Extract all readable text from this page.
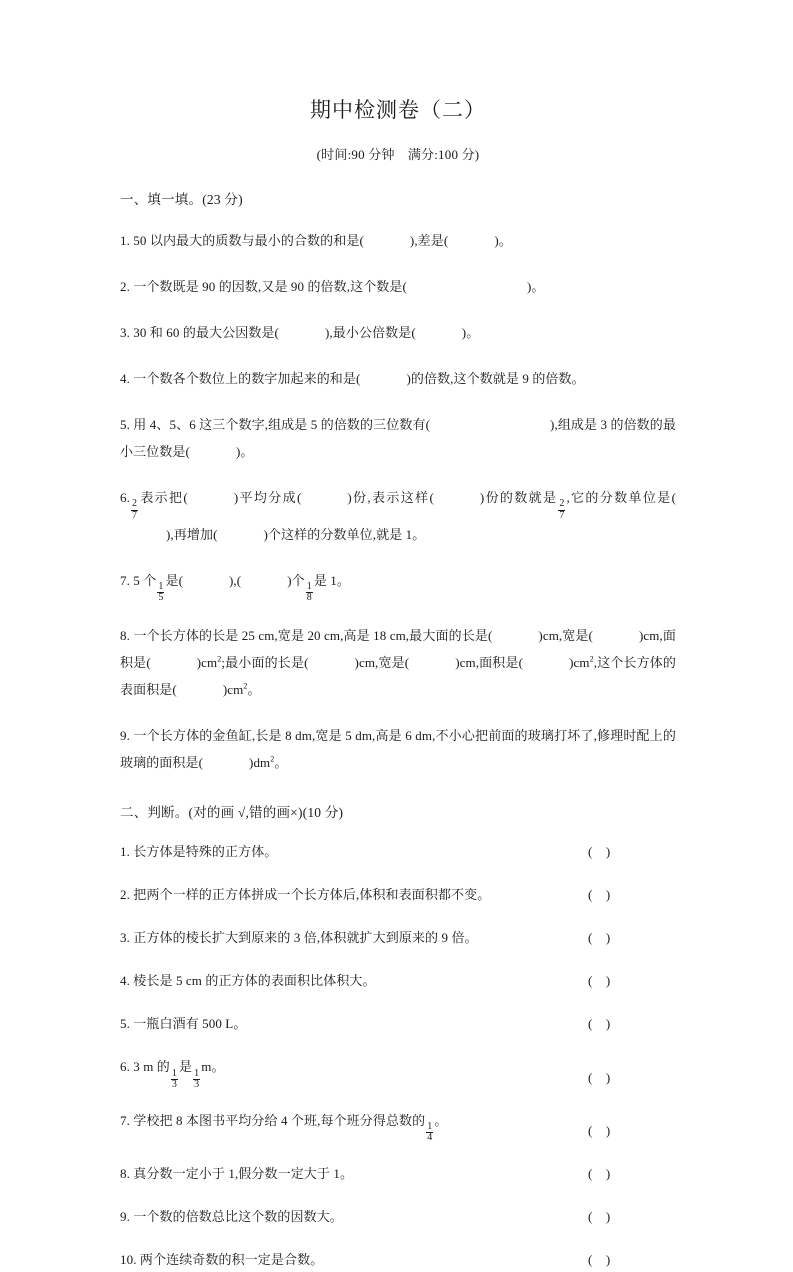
期中检测卷（二）
(时间:90 分钟　满分:100 分)
一、填一填。(23 分)
1. 50 以内最大的质数与最小的合数的和是(	),差是(	)。
2. 一个数既是 90 的因数,又是 90 的倍数,这个数是(	)。
3. 30 和 60 的最大公因数是(	),最小公倍数是(	)。
4. 一个数各个数位上的数字加起来的和是(	)的倍数,这个数就是 9 的倍数。
5. 用 4、5、6 这三个数字,组成是 5 的倍数的三位数有(	),组成是 3 的倍数的最小三位数是(	)。
6.
$\frac{2}{7}$
表示把(	)平均分成(	)份,表示这样(	)份的数就是
$\frac{2}{7}$
,它的分数单位是(),再增加(	)个这样的分数单位,就是 1。
7. 5 个
$\frac{1}{5}$
是(	),(	)个
$\frac{1}{8}$
是 1。
8. 一个长方体的长是 25 cm,宽是 20 cm,高是 18 cm,最大面的长是(	)cm,宽是(	)cm,面积是(	)$cm^2$;最小面的长是(	)cm,宽是(	)cm,面积是(	)$cm^2$,这个长方体的表面积是(	)$cm^2$。
9. 一个长方体的金鱼缸,长是 8 dm,宽是 5 dm,高是 6 dm,不小心把前面的玻璃打坏了,修理时配上的玻璃的面积是(	)$dm^2$。
二、判断。(对的画 √,错的画×)(10 分)
1. 长方体是特殊的正方体。	(    )
2. 把两个一样的正方体拼成一个长方体后,体积和表面积都不变。	(    )
3. 正方体的棱长扩大到原来的 3 倍,体积就扩大到原来的 9 倍。	(    )
4. 棱长是 5 cm 的正方体的表面积比体积大。	(    )
5. 一瓶白酒有 500 L。	(    )
6. 3 m 的
$\frac{1}{3}$
是
$\frac{1}{3}$
m。
(    )
7. 学校把 8 本图书平均分给 4 个班,每个班分得总数的
$\frac{1}{4}$
。
(    )
8. 真分数一定小于 1,假分数一定大于 1。	(    )
9. 一个数的倍数总比这个数的因数大。	(    )
10. 两个连续奇数的积一定是合数。	(    )
